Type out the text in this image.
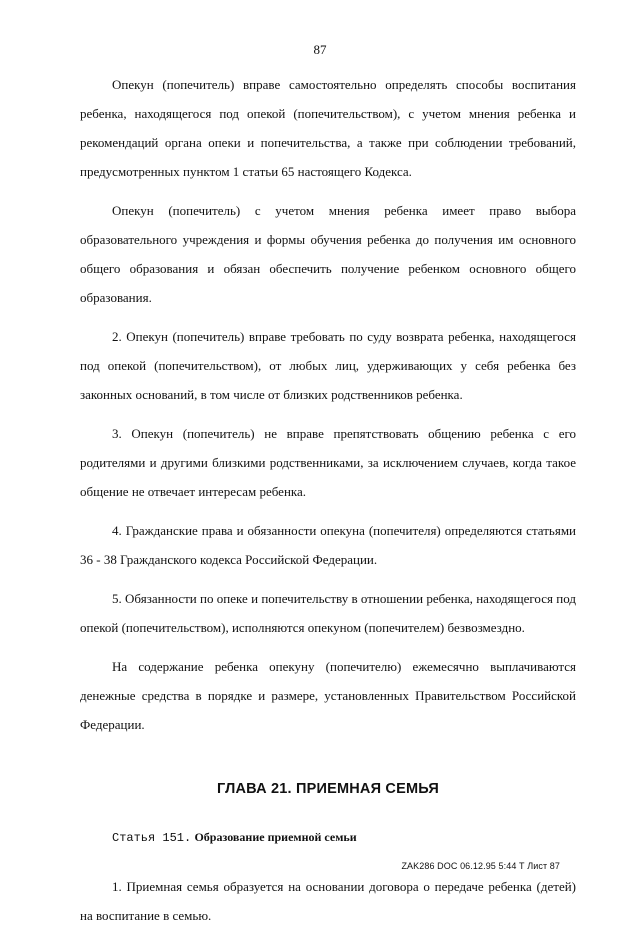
87

Опекун (попечитель) вправе самостоятельно определять способы воспитания ребенка, находящегося под опекой (попечительством), с учетом мнения ребенка и рекомендаций органа опеки и попечительства, а также при соблюдении требований, предусмотренных пунктом 1 статьи 65 настоящего Кодекса.

Опекун (попечитель) с учетом мнения ребенка имеет право выбора образовательного учреждения и формы обучения ребенка до получения им основного общего образования и обязан обеспечить получение ребенком основного общего образования.

2. Опекун (попечитель) вправе требовать по суду возврата ребенка, находящегося под опекой (попечительством), от любых лиц, удерживающих у себя ребенка без законных оснований, в том числе от близких родственников ребенка.

3. Опекун (попечитель) не вправе препятствовать общению ребенка с его родителями и другими близкими родственниками, за исключением случаев, когда такое общение не отвечает интересам ребенка.

4. Гражданские права и обязанности опекуна (попечителя) определяются статьями 36 - 38 Гражданского кодекса Российской Федерации.

5. Обязанности по опеке и попечительству в отношении ребенка, находящегося под опекой (попечительством), исполняются опекуном (попечителем) безвозмездно.

На содержание ребенка опекуну (попечителю) ежемесячно выплачиваются денежные средства в порядке и размере, установленных Правительством Российской Федерации.

ГЛАВА 21. ПРИЕМНАЯ СЕМЬЯ
Статья 151. Образование приемной семьи

1. Приемная семья образуется на основании договора о передаче ребенка (детей) на воспитание в семью.

ZAK286 DOC 06.12.95 5:44 Т Лист 87
